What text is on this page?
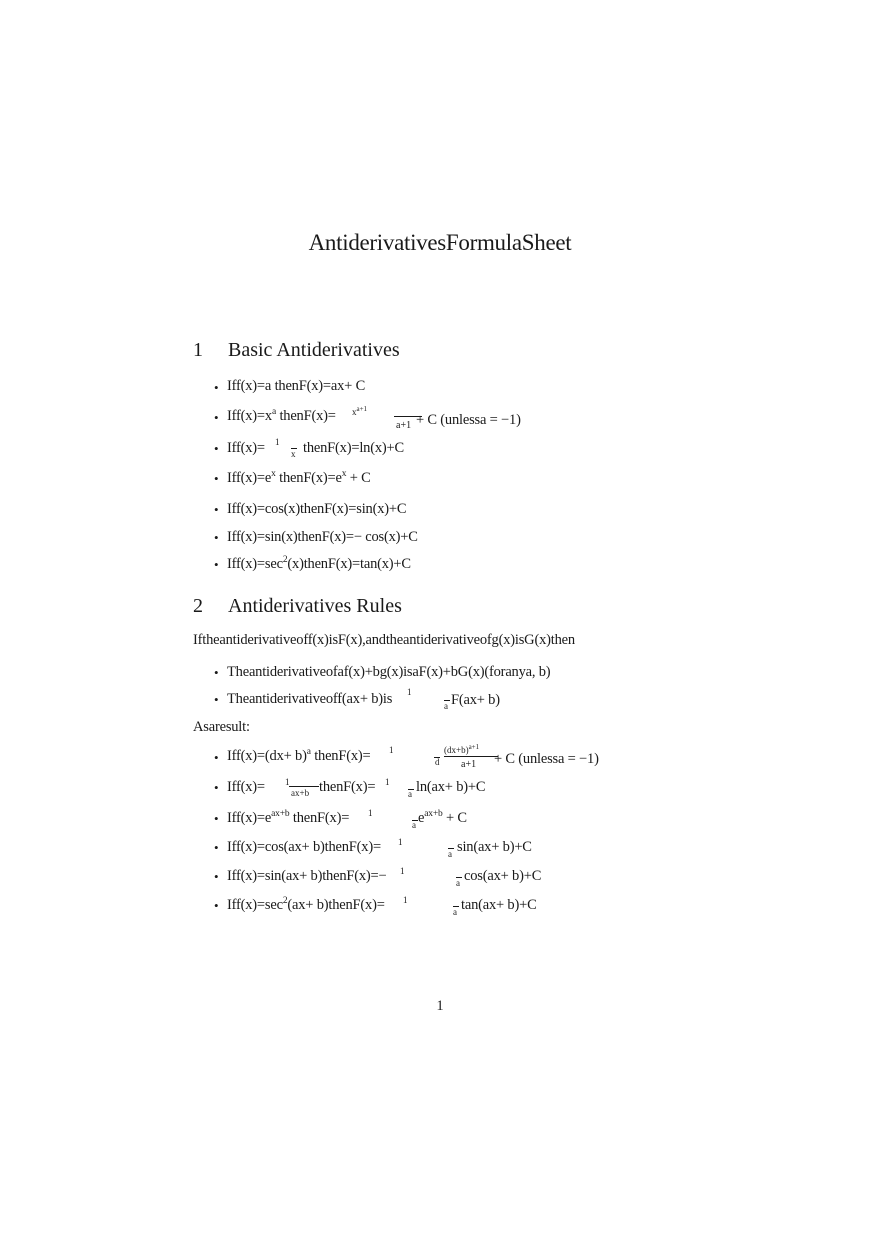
AntiderivativesFormulaSheet
1 Basic Antiderivatives
•
•
•
•
•
•
•
Iff(x)=a thenF(x)=ax+ C
$Iff(x)=x^a$ thenF(x)= $x^{a+1}$
a+1 + C (unlessa = −1)
Iff(x)= 1
x thenF(x)=ln(x)+C
$Iff(x)=e^x$ $thenF(x)=e^x + C$
Iff(x)=cos(x)thenF(x)=sin(x)+C
Iff(x)=sin(x)thenF(x)=− cos(x)+C
$Iff(x)=\sec^2(x)thenF(x)=\tan(x)+C$
2 Antiderivatives Rules
Iftheantiderivativeoff(x)isF(x),andtheantiderivativeofg(x)isG(x)then
•
•
Theantiderivativeofaf(x)+bg(x)isaF(x)+bG(x)(foranya, b)
Theantiderivativeoff(ax+ b)is 1
a F(ax+ b)
Asaresult:
•
•
•
•
•
•
$Iff(x)=(dx+ b)^a$ thenF(x)= 1
d
$(dx+b)^{a+1}$
a+1 + C (unlessa = −1)
Iff(x)= 1
ax+b thenF(x)= 1
a ln(ax+ b)+C
$Iff(x)=e^{ax+b}$ thenF(x)= 1
a $e^{ax+b} + C$
Iff(x)=cos(ax+ b)thenF(x)= 1
a sin(ax+ b)+C
Iff(x)=sin(ax+ b)thenF(x)=− 1
a cos(ax+ b)+C
$Iff(x)=\sec^2(ax+$ b)thenF(x)= 1
a tan(ax+ b)+C
1
